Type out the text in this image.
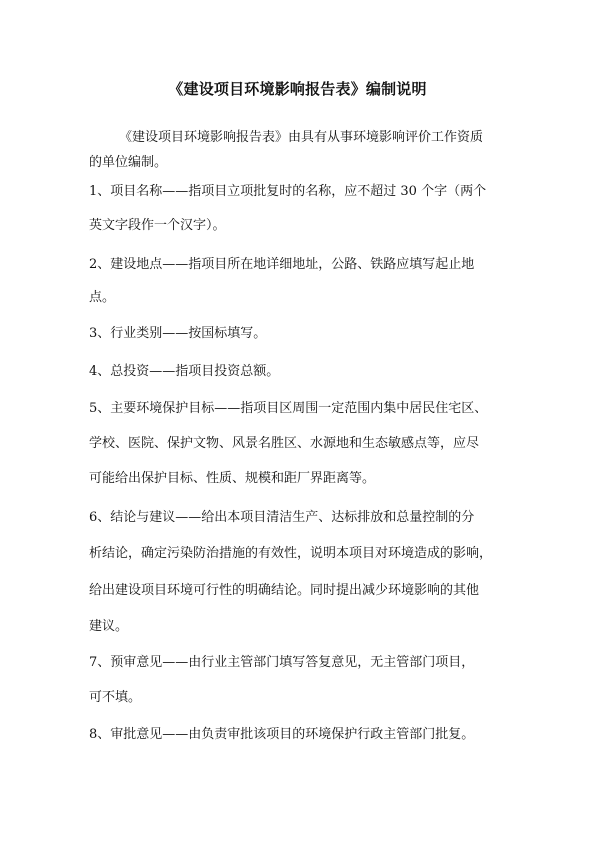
《建设项目环境影响报告表》编制说明
《建设项目环境影响报告表》由具有从事环境影响评价工作资质
的单位编制。
1、项目名称——指项目立项批复时的名称，应不超过 30 个字（两个
英文字段作一个汉字）。
2、建设地点——指项目所在地详细地址，公路、铁路应填写起止地
点。
3、行业类别——按国标填写。
4、总投资——指项目投资总额。
5、主要环境保护目标——指项目区周围一定范围内集中居民住宅区、
学校、医院、保护文物、风景名胜区、水源地和生态敏感点等，应尽
可能给出保护目标、性质、规模和距厂界距离等。
6、结论与建议——给出本项目清洁生产、达标排放和总量控制的分
析结论，确定污染防治措施的有效性，说明本项目对环境造成的影响，
给出建设项目环境可行性的明确结论。同时提出减少环境影响的其他
建议。
7、预审意见——由行业主管部门填写答复意见，无主管部门项目，
可不填。
8、审批意见——由负责审批该项目的环境保护行政主管部门批复。
